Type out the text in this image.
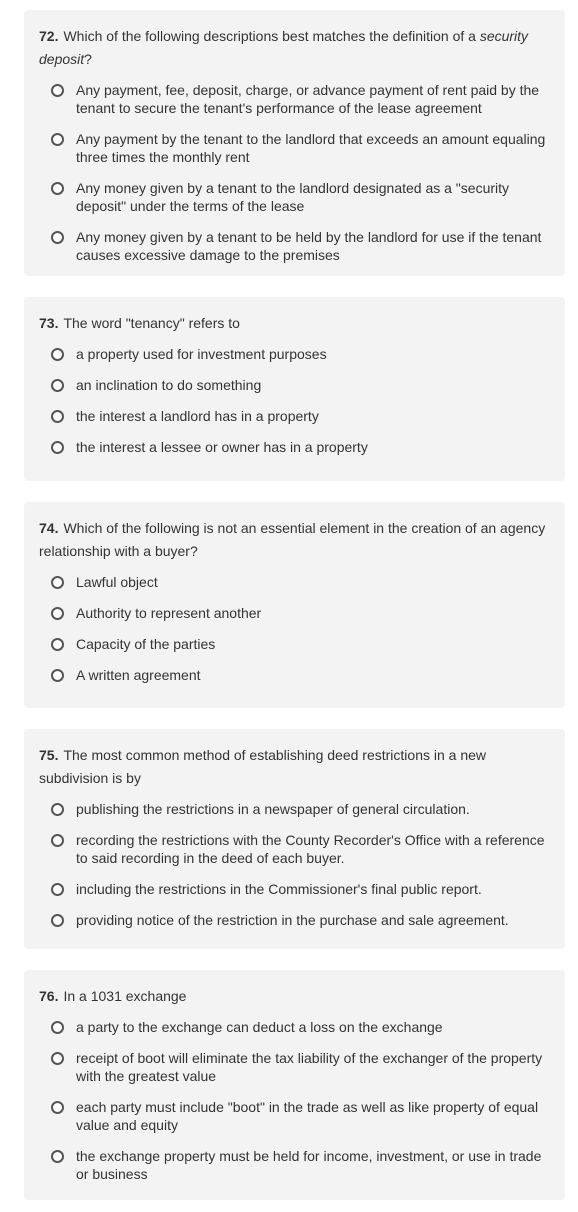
72. Which of the following descriptions best matches the definition of a security deposit?

Any payment, fee, deposit, charge, or advance payment of rent paid by the tenant to secure the tenant's performance of the lease agreement
Any payment by the tenant to the landlord that exceeds an amount equaling three times the monthly rent
Any money given by a tenant to the landlord designated as a "security deposit" under the terms of the lease
Any money given by a tenant to be held by the landlord for use if the tenant causes excessive damage to the premises

73. The word "tenancy" refers to

a property used for investment purposes
an inclination to do something
the interest a landlord has in a property
the interest a lessee or owner has in a property

74. Which of the following is not an essential element in the creation of an agency relationship with a buyer?

Lawful object
Authority to represent another
Capacity of the parties
A written agreement

75. The most common method of establishing deed restrictions in a new subdivision is by

publishing the restrictions in a newspaper of general circulation.
recording the restrictions with the County Recorder's Office with a reference to said recording in the deed of each buyer.
including the restrictions in the Commissioner's final public report.
providing notice of the restriction in the purchase and sale agreement.

76. In a 1031 exchange

a party to the exchange can deduct a loss on the exchange
receipt of boot will eliminate the tax liability of the exchanger of the property with the greatest value
each party must include "boot" in the trade as well as like property of equal value and equity
the exchange property must be held for income, investment, or use in trade or business
